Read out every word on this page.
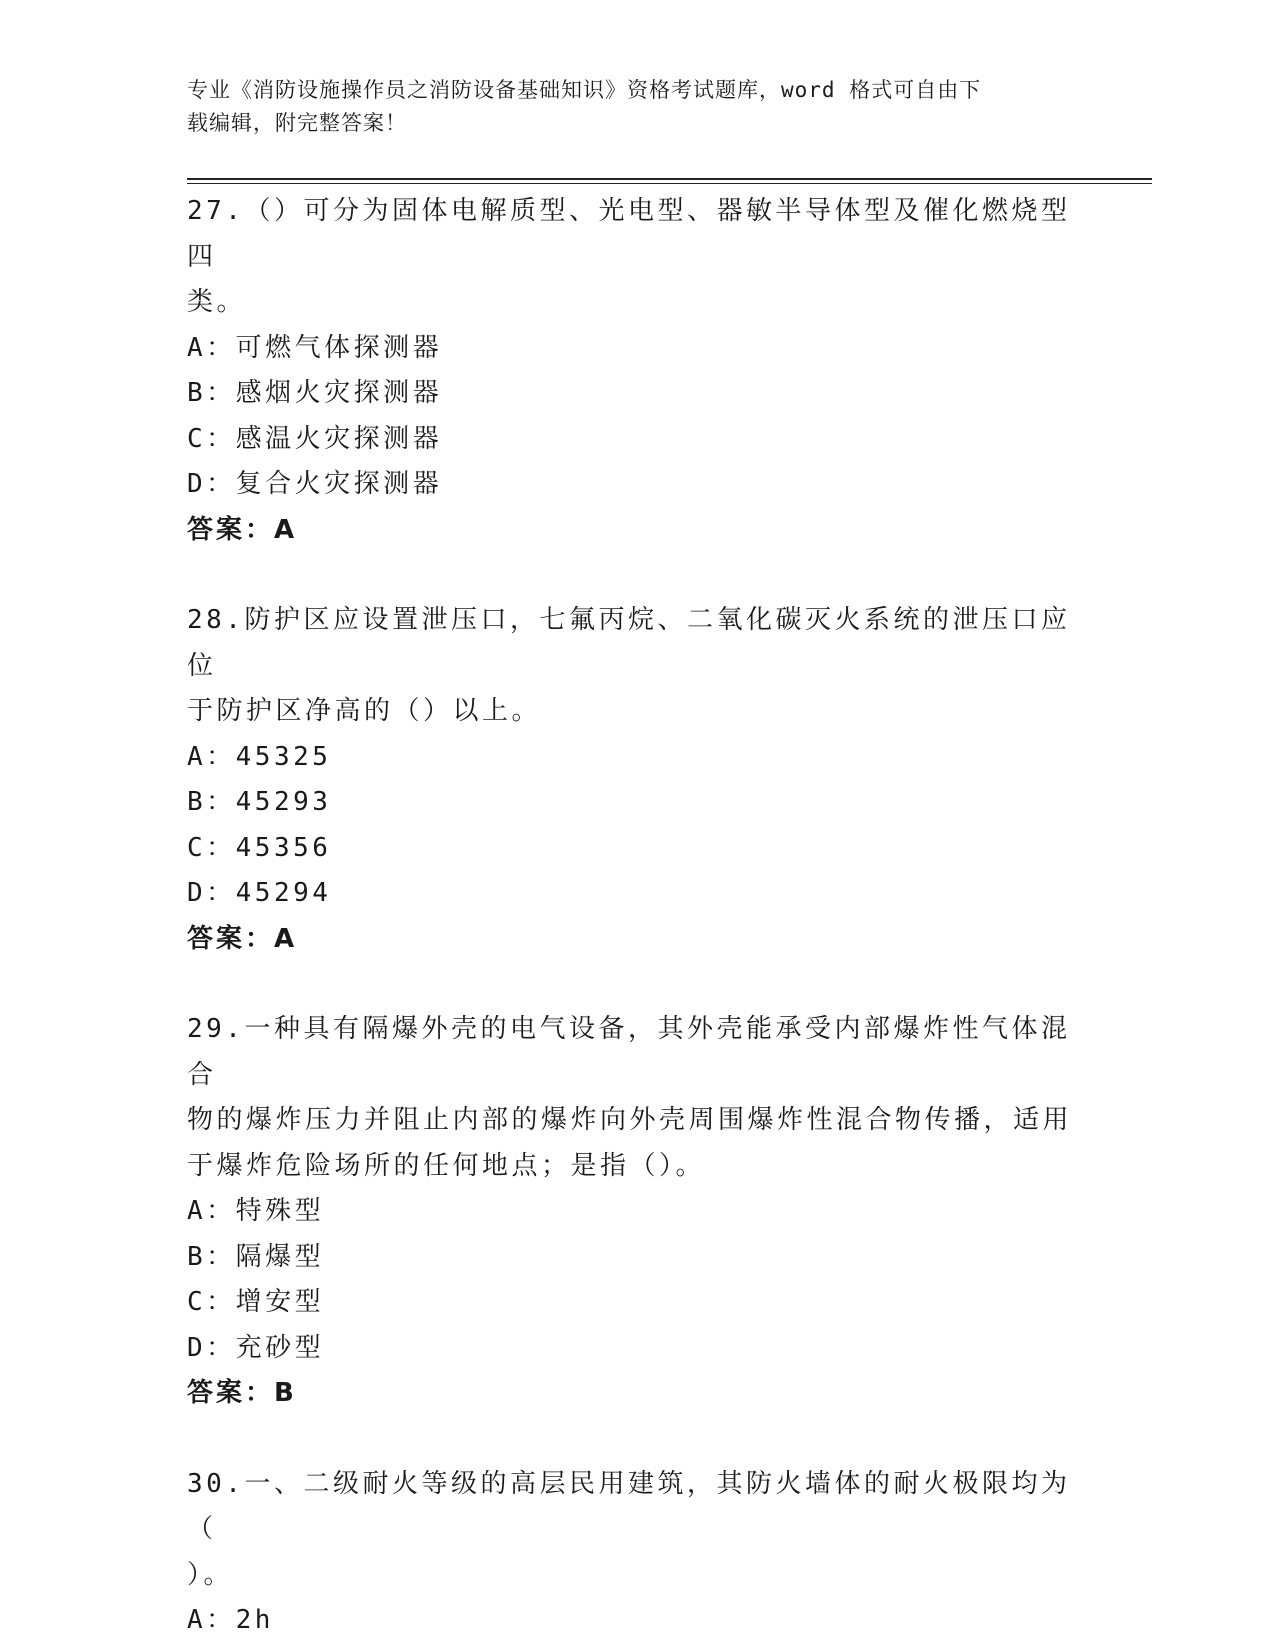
专业《消防设施操作员之消防设备基础知识》资格考试题库，word 格式可自由下
载编辑，附完整答案！
27.（）可分为固体电解质型、光电型、器敏半导体型及催化燃烧型四
类。
A：可燃气体探测器
B：感烟火灾探测器
C：感温火灾探测器
D：复合火灾探测器
答案：A
28.防护区应设置泄压口，七氟丙烷、二氧化碳灭火系统的泄压口应位
于防护区净高的（）以上。
A：45325
B：45293
C：45356
D：45294
答案：A
29.一种具有隔爆外壳的电气设备，其外壳能承受内部爆炸性气体混合
物的爆炸压力并阻止内部的爆炸向外壳周围爆炸性混合物传播，适用
于爆炸危险场所的任何地点；是指（）。
A：特殊型
B：隔爆型
C：增安型
D：充砂型
答案：B
30.一、二级耐火等级的高层民用建筑，其防火墙体的耐火极限均为（
）。
A：2h
